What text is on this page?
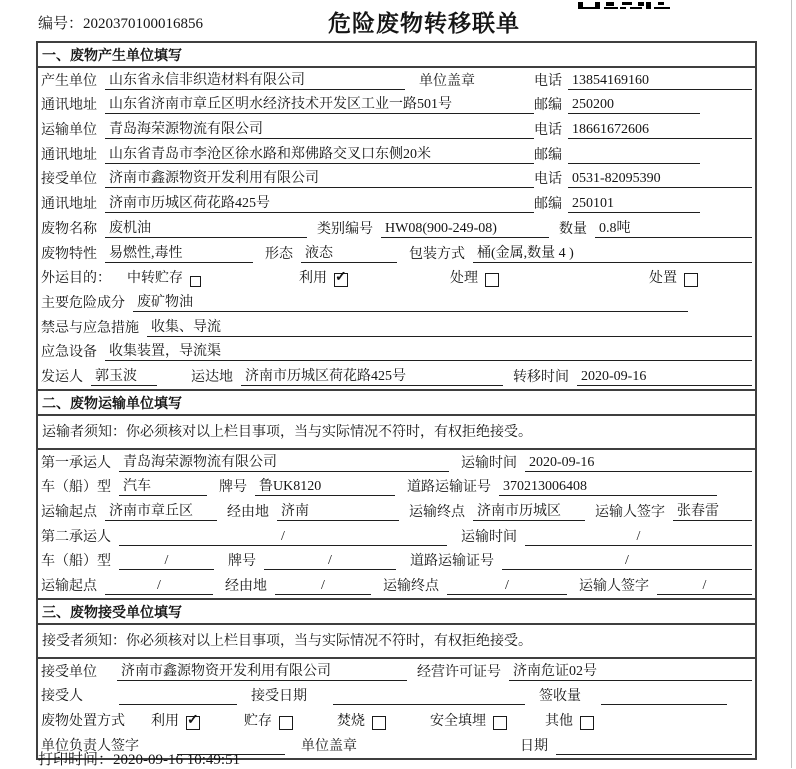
编号：2020370100016856	危险废物转移联单
一、废物产生单位填写
产生单位 山东省永信非织造材料有限公司	单位盖章	电话 13854169160
通讯地址 山东省济南市章丘区明水经济技术开发区工业一路501号	邮编 250200
运输单位 青岛海荣源物流有限公司	电话 18661672606
通讯地址 山东省青岛市李沧区徐水路和郑佛路交叉口东侧20米	邮编
接受单位 济南市鑫源物资开发利用有限公司	电话 0531-82095390
通讯地址 济南市历城区荷花路425号	邮编 250101
废物名称 废机油	类别编号 HW08(900-249-08)	数量 0.8吨
废物特性 易燃性,毒性	形态 液态	包装方式 桶(金属,数量 4 )
外运目的： 中转贮存	利用 ✓	处理	处置
主要危险成分 废矿物油
禁忌与应急措施 收集、导流
应急设备 收集装置，导流渠
发运人 郭玉波	运达地 济南市历城区荷花路425号	转移时间 2020-09-16
二、废物运输单位填写
运输者须知：你必须核对以上栏目事项，当与实际情况不符时，有权拒绝接受。
第一承运人 青岛海荣源物流有限公司	运输时间 2020-09-16
车（船）型 汽车	牌号 鲁UK8120	道路运输证号 370213006408
运输起点 济南市章丘区	经由地 济南	运输终点 济南市历城区	运输人签字 张春雷
第二承运人	/	运输时间	/
车（船）型	/	牌号	/	道路运输证号	/
运输起点	/	经由地	/	运输终点	/	运输人签字	/
三、废物接受单位填写
接受者须知：你必须核对以上栏目事项，当与实际情况不符时，有权拒绝接受。
接受单位 济南市鑫源物资开发利用有限公司	经营许可证号 济南危证02号
接受人	接受日期	签收量
废物处置方式 利用 ✓	贮存	焚烧	安全填埋	其他
单位负责人签字	单位盖章	日期
打印时间：2020-09-16 10:49:51
